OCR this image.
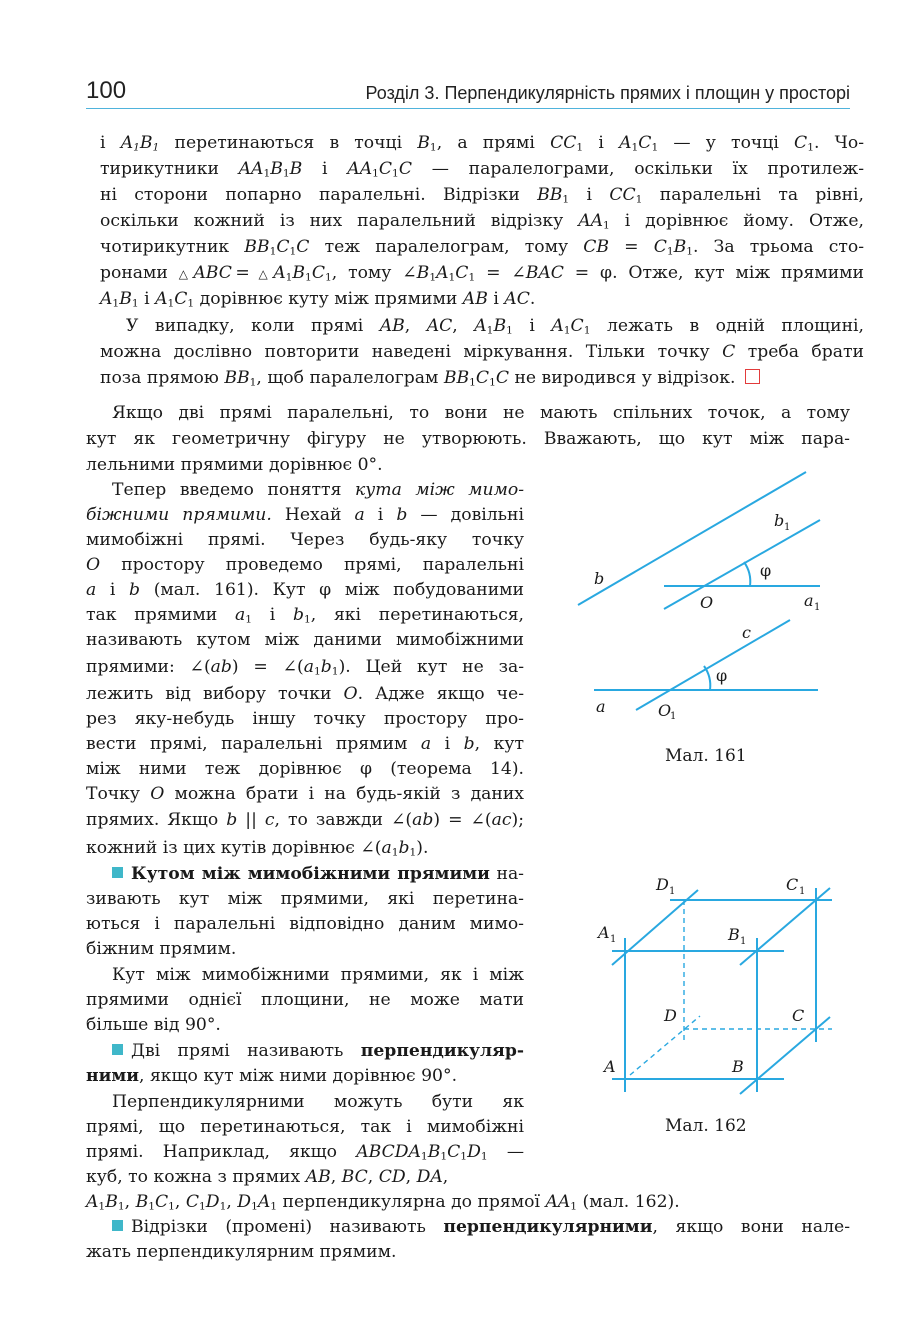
100	Розділ 3. Перпендикулярність прямих і площин у просторі
і $A_1B_1$ перетинаються в точці $B_1$, а прямі $CC_1$ і $A_1C_1$ — у точці $C_1$. Чо-
тирикутники $AA_1B_1B$ і $AA_1C_1C$ — паралелограми, оскільки їх протилеж-
ні сторони попарно паралельні. Відрізки $BB_1$ і $CC_1$ паралельні та рівні,
оскільки кожний із них паралельний відрізку $AA_1$ і дорівнює йому. Отже,
чотирикутник $BB_1C_1C$ теж паралелограм, тому CB = $C_1B_1$. За трьома сто-
ронами △ABC = $\triangle A_1B_1C_1$, тому $\angle B_1A_1C_1$ = ∠BAC = φ. Отже, кут між прямими
$A_1B_1$ і $A_1C_1$ дорівнює куту між прямими AB і AC.
У випадку, коли прямі AB, AC, $A_1B_1$ і $A_1C_1$ лежать в одній площині,
можна дослівно повторити наведені міркування. Тільки точку C треба брати
поза прямою $BB_1$, щоб паралелограм $BB_1C_1C$ не виродився у відрізок.
Якщо дві прямі паралельні, то вони не мають спільних точок, а тому
кут як геометричну фігуру не утворюють. Вважають, що кут між пара-
лельними прямими дорівнює 0°.
Тепер введемо поняття кута між мимо-
біжними прямими. Нехай a і b — довільні
мимобіжні прямі. Через будь-яку точку
O простору проведемо прямі, паралельні
a і b (мал. 161). Кут φ між побудованими
так прямими $a_1$ і $b_1$, які перетинаються,
називають кутом між даними мимобіжними
прямими: ∠(ab) = $\angle(a_1b_1)$. Цей кут не за-
лежить від вибору точки O. Адже якщо че-
рез яку-небудь іншу точку простору про-
вести прямі, паралельні прямим a і b, кут
між ними теж дорівнює φ (теорема 14).
Точку O можна брати і на будь-якій з даних
прямих. Якщо b || c, то завжди ∠(ab) = ∠(ac);
кожний із цих кутів дорівнює $\angle(a_1b_1)$.
Кутом між мимобіжними прямими на-
зивають кут між прямими, які перетина-
ються і паралельні відповідно даним мимо-
біжним прямим.
Кут між мимобіжними прямими, як і між
прямими однієї площини, не може мати
більше від 90°.
Дві прямі називають перпендикуляр-
ними, якщо кут між ними дорівнює 90°.
Перпендикулярними можуть бути як
прямі, що перетинаються, так і мимобіжні
прямі. Наприклад, якщо $ABCDA_1B_1C_1D_1$ —
куб, то кожна з прямих AB, BC, CD, DA,
$A_1B_1$, $B_1C_1$, $C_1D_1$, $D_1A_1$ перпендикулярна до прямої $AA_1$ (мал. 162).
Відрізки (промені) називають перпендикулярними, якщо вони нале-
жать перпендикулярним прямим.
b
b 1
φ
O	a 1
c
φ
a	O
1
Мал. 161
D 1	C 1
A 1	B 1
D	C
A	B
Мал. 162
